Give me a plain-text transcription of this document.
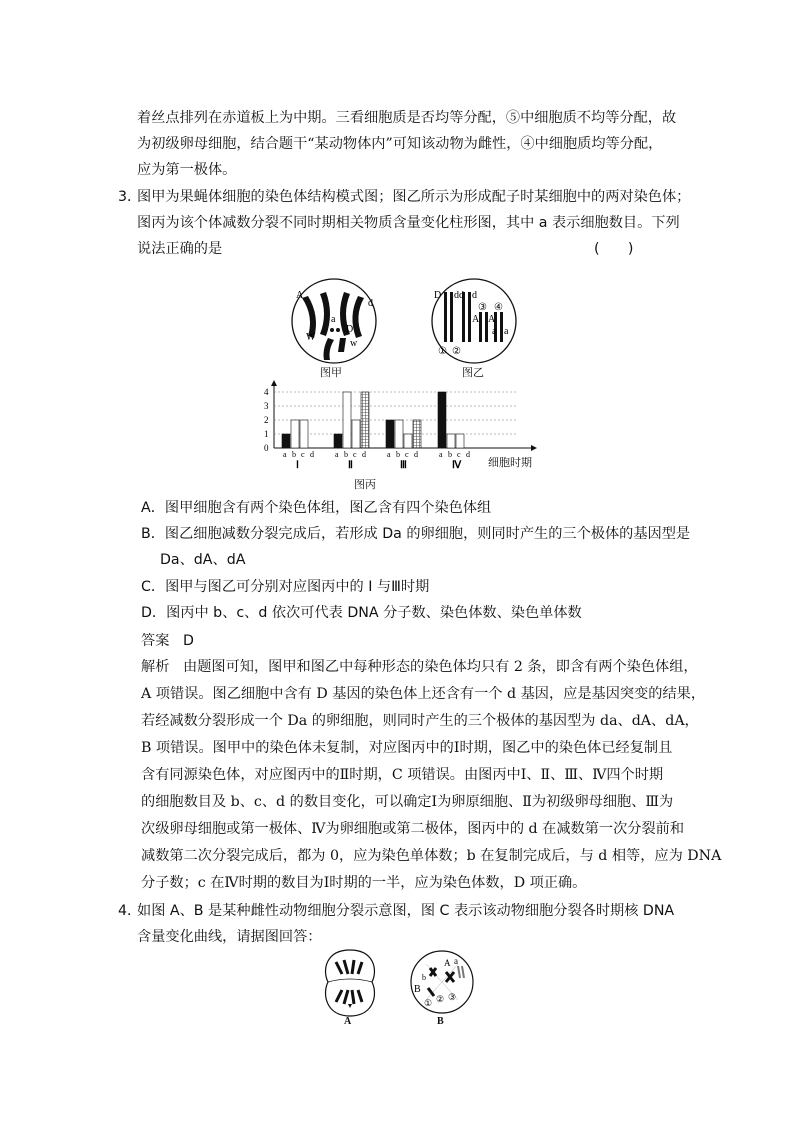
着丝点排列在赤道板上为中期。三看细胞质是否均等分配，⑤中细胞质不均等分配，故
为初级卵母细胞，结合题干“某动物体内”可知该动物为雌性，④中细胞质均等分配，
应为第一极体。
3．
图甲为果蝇体细胞的染色体结构模式图；图乙所示为形成配子时某细胞中的两对染色体；
图丙为该个体减数分裂不同时期相关物质含量变化柱形图，其中 a 表示细胞数目。下列
说法正确的是	(　　)
A
a
d
D
W
w
图甲
D dd d
③ ④
A A
a a
① ②
图乙
0
1
2
3
4
a b c d
Ⅰ
a b c d
Ⅱ
a b c d
Ⅲ
a b c d
Ⅳ
图丙
细胞时期
A．图甲细胞含有两个染色体组，图乙含有四个染色体组
B．图乙细胞减数分裂完成后，若形成 Da 的卵细胞，则同时产生的三个极体的基因型是
Da、dA、dA
C．图甲与图乙可分别对应图丙中的 Ⅰ 与Ⅲ时期
D．图丙中 b、c、d 依次可代表 DNA 分子数、染色体数、染色单体数
答案 D
解析 由题图可知，图甲和图乙中每种形态的染色体均只有 2 条，即含有两个染色体组，
A 项错误。图乙细胞中含有 D 基因的染色体上还含有一个 d 基因，应是基因突变的结果，
若经减数分裂形成一个 Da 的卵细胞，则同时产生的三个极体的基因型为 da、dA、dA，
B 项错误。图甲中的染色体未复制，对应图丙中的Ⅰ时期，图乙中的染色体已经复制且
含有同源染色体，对应图丙中的Ⅱ时期，C 项错误。由图丙中Ⅰ、Ⅱ、Ⅲ、Ⅳ四个时期
的细胞数目及 b、c、d 的数目变化，可以确定Ⅰ为卵原细胞、Ⅱ为初级卵母细胞、Ⅲ为
次级卵母细胞或第一极体、Ⅳ为卵细胞或第二极体，图丙中的 d 在减数第一次分裂前和
减数第二次分裂完成后，都为 0，应为染色单体数；b 在复制完成后，与 d 相等，应为 DNA
分子数；c 在Ⅳ时期的数目为Ⅰ时期的一半，应为染色体数，D 项正确。
4．
如图 A、B 是某种雌性动物细胞分裂示意图，图 C 表示该动物细胞分裂各时期核 DNA
含量变化曲线，请据图回答：
A
B
b
A a
① ② ③
B
